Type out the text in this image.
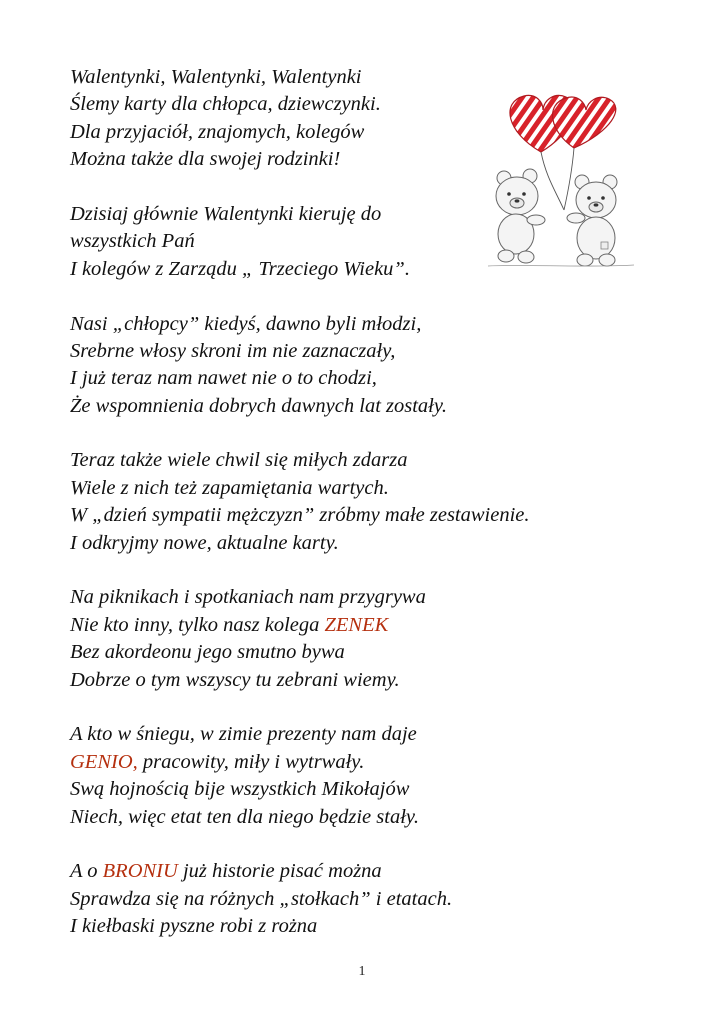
Walentynki, Walentynki, Walentynki
Ślemy karty dla chłopca, dziewczynki.
Dla przyjaciół, znajomych, kolegów
Można także dla swojej rodzinki!
Dzisiaj głównie Walentynki kieruję do
wszystkich Pań
I kolegów z Zarządu „ Trzeciego Wieku”.
Nasi „chłopcy” kiedyś, dawno byli młodzi,
Srebrne włosy skroni im nie zaznaczały,
I już teraz nam nawet nie o to chodzi,
Że wspomnienia dobrych dawnych lat zostały.
Teraz także wiele chwil się miłych zdarza
Wiele z nich też zapamiętania wartych.
W „dzień sympatii mężczyzn” zróbmy małe zestawienie.
I odkryjmy nowe, aktualne karty.
Na piknikach i spotkaniach nam przygrywa
Nie kto inny, tylko nasz kolega ZENEK
Bez akordeonu jego smutno bywa
Dobrze o tym wszyscy tu zebrani wiemy.
A kto w śniegu, w zimie prezenty nam daje
GENIO, pracowity, miły i wytrwały.
Swą hojnością bije wszystkich Mikołajów
Niech, więc etat ten dla niego będzie stały.
A o BRONIU już historie pisać można
Sprawdza się na różnych „stołkach” i etatach.
I kiełbaski pyszne robi z rożna
1
